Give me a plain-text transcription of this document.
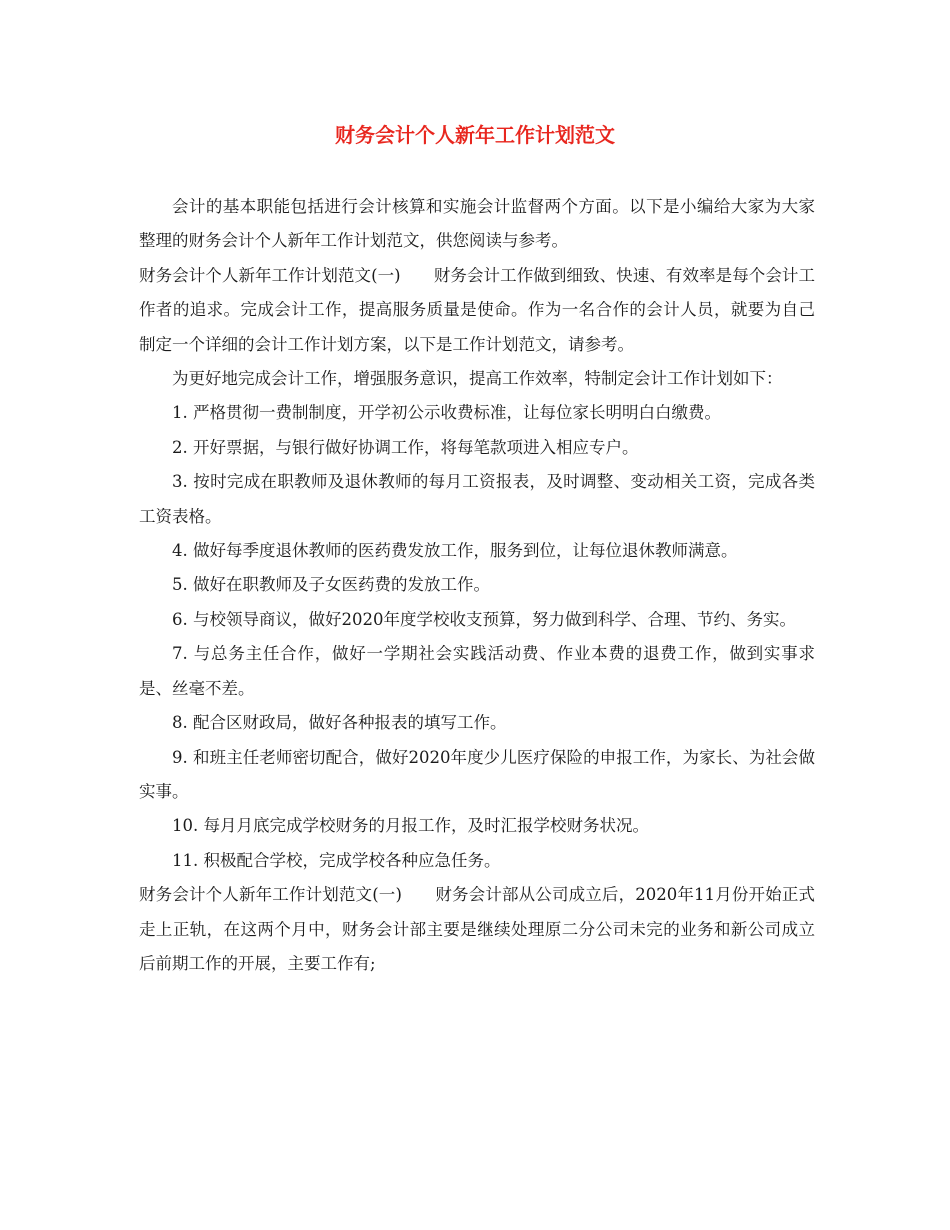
财务会计个人新年工作计划范文

会计的基本职能包括进行会计核算和实施会计监督两个方面。以下是小编给大家为大家整理的财务会计个人新年工作计划范文，供您阅读与参考。

财务会计个人新年工作计划范文(一)　　财务会计工作做到细致、快速、有效率是每个会计工作者的追求。完成会计工作，提高服务质量是使命。作为一名合作的会计人员，就要为自己制定一个详细的会计工作计划方案，以下是工作计划范文，请参考。

为更好地完成会计工作，增强服务意识，提高工作效率，特制定会计工作计划如下：

1. 严格贯彻一费制制度，开学初公示收费标准，让每位家长明明白白缴费。

2. 开好票据，与银行做好协调工作，将每笔款项进入相应专户。

3. 按时完成在职教师及退休教师的每月工资报表，及时调整、变动相关工资，完成各类工资表格。

4. 做好每季度退休教师的医药费发放工作，服务到位，让每位退休教师满意。

5. 做好在职教师及子女医药费的发放工作。

6. 与校领导商议，做好2020年度学校收支预算，努力做到科学、合理、节约、务实。

7. 与总务主任合作，做好一学期社会实践活动费、作业本费的退费工作，做到实事求是、丝毫不差。

8. 配合区财政局，做好各种报表的填写工作。

9. 和班主任老师密切配合，做好2020年度少儿医疗保险的申报工作，为家长、为社会做实事。

10. 每月月底完成学校财务的月报工作，及时汇报学校财务状况。

11. 积极配合学校，完成学校各种应急任务。

财务会计个人新年工作计划范文(一)　　财务会计部从公司成立后，2020年11月份开始正式走上正轨，在这两个月中，财务会计部主要是继续处理原二分公司未完的业务和新公司成立后前期工作的开展，主要工作有;
